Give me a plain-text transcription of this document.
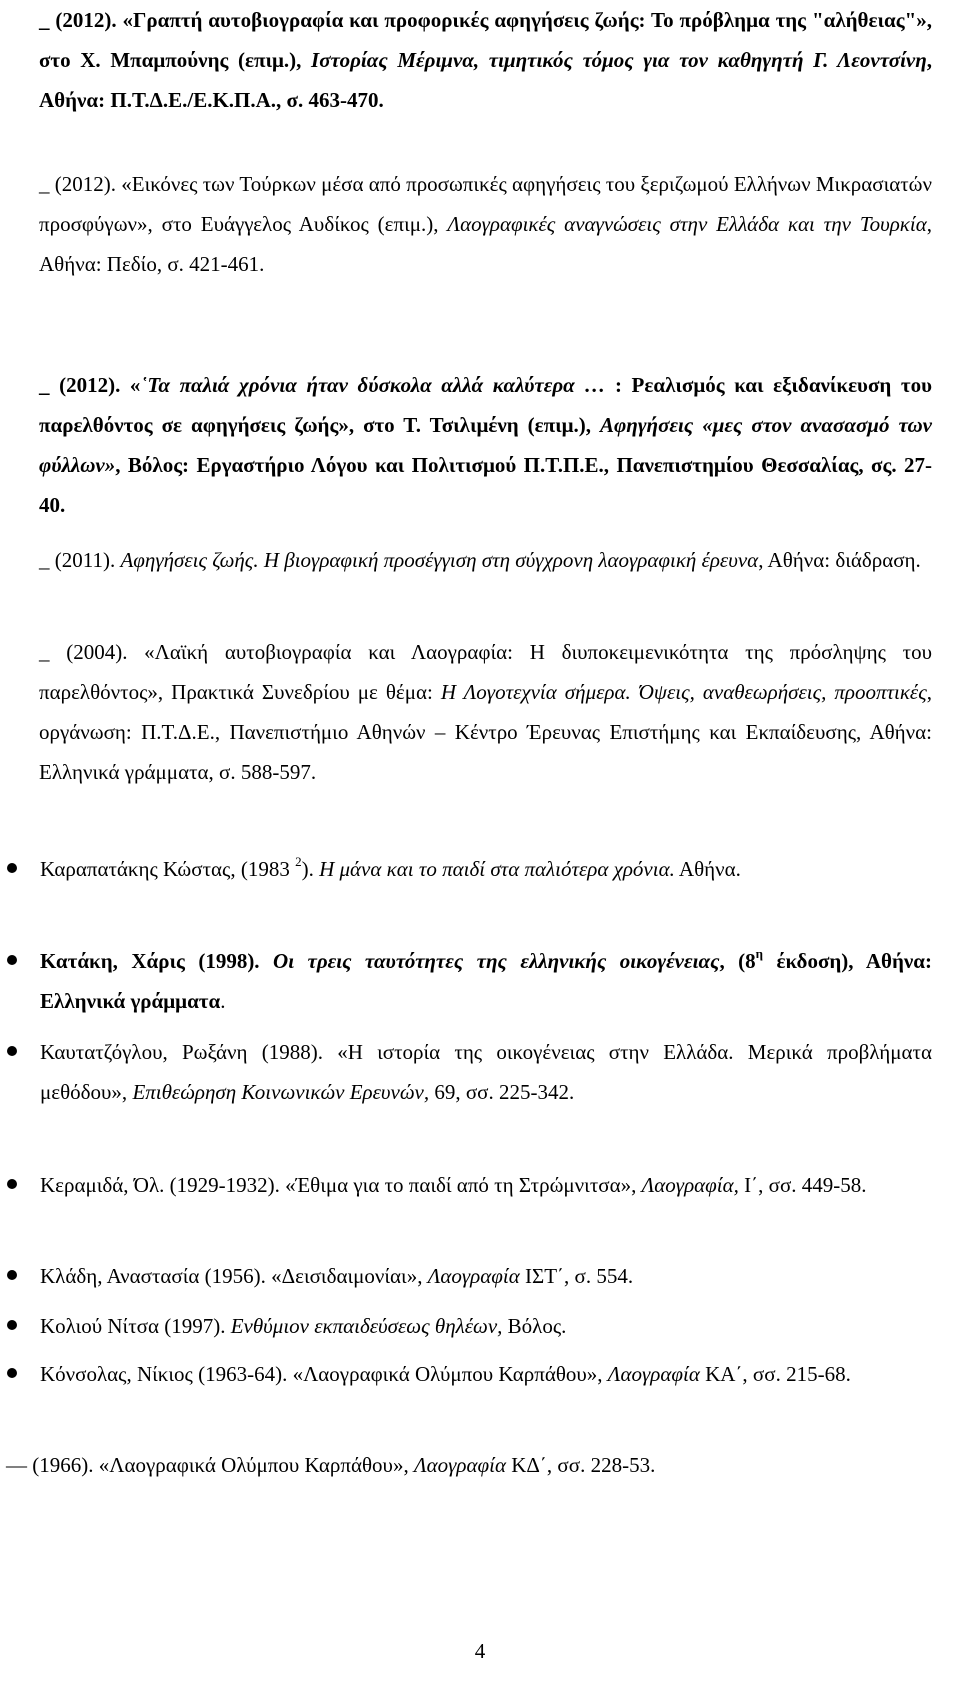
_ (2012). «Γραπτή αυτοβιογραφία και προφορικές αφηγήσεις ζωής: Το πρόβλημα της "αλήθειας"», στο Χ. Μπαμπούνης (επιμ.), Ιστορίας Μέριμνα, τιμητικός τόμος για τον καθηγητή Γ. Λεοντσίνη, Αθήνα: Π.Τ.Δ.Ε./Ε.Κ.Π.Α., σ. 463-470.
_ (2012). «Εικόνες των Τούρκων μέσα από προσωπικές αφηγήσεις του ξεριζωμού Ελλήνων Μικρασιατών προσφύγων», στο Ευάγγελος Αυδίκος (επιμ.), Λαογραφικές αναγνώσεις στην Ελλάδα και την Τουρκία, Αθήνα: Πεδίο, σ. 421-461.
_ (2012). «῾Τα παλιά χρόνια ήταν δύσκολα αλλά καλύτερα … : Ρεαλισμός και εξιδανίκευση του παρελθόντος σε αφηγήσεις ζωής», στο Τ. Τσιλιμένη (επιμ.), Αφηγήσεις «μες στον ανασασμό των φύλλων», Βόλος: Εργαστήριο Λόγου και Πολιτισμού Π.Τ.Π.Ε., Πανεπιστημίου Θεσσαλίας, σς. 27-40.
_ (2011). Αφηγήσεις ζωής. Η βιογραφική προσέγγιση στη σύγχρονη λαογραφική έρευνα, Αθήνα: διάδραση.
_ (2004). «Λαϊκή αυτοβιογραφία και Λαογραφία: Η διυποκειμενικότητα της πρόσληψης του παρελθόντος», Πρακτικά Συνεδρίου με θέμα: Η Λογοτεχνία σήμερα. Όψεις, αναθεωρήσεις, προοπτικές, οργάνωση: Π.Τ.Δ.Ε., Πανεπιστήμιο Αθηνών – Κέντρο Έρευνας Επιστήμης και Εκπαίδευσης, Αθήνα: Ελληνικά γράμματα, σ. 588-597.
Καραπατάκης Κώστας, (1983 $^2$). Η μάνα και το παιδί στα παλιότερα χρόνια. Αθήνα.
Κατάκη, Χάρις (1998). Οι τρεις ταυτότητες της ελληνικής οικογένειας, ($8^\eta$ έκδοση), Αθήνα: Ελληνικά γράμματα.
Καυτατζόγλου, Ρωξάνη (1988). «Η ιστορία της οικογένειας στην Ελλάδα. Μερικά προβλήματα μεθόδου», Επιθεώρηση Κοινωνικών Ερευνών, 69, σσ. 225-342.
Κεραμιδά, Όλ. (1929-1932). «Έθιμα για το παιδί από τη Στρώμνιτσα», Λαογραφία, Ι΄, σσ. 449-58.
Κλάδη, Αναστασία (1956). «Δεισιδαιμονίαι», Λαογραφία ΙΣΤ΄, σ. 554.
Κολιού Νίτσα (1997). Ενθύμιον εκπαιδεύσεως θηλέων, Βόλος.
Κόνσολας, Νίκιος (1963-64). «Λαογραφικά Ολύμπου Καρπάθου», Λαογραφία ΚΑ΄, σσ. 215-68.
― (1966). «Λαογραφικά Ολύμπου Καρπάθου», Λαογραφία ΚΔ΄, σσ. 228-53.
4
